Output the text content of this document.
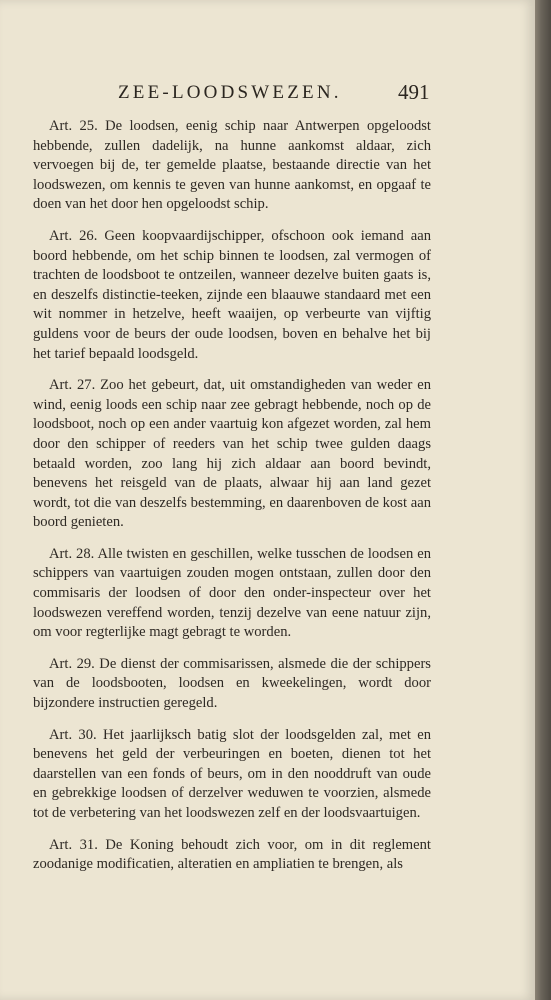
ZEE-LOODSWEZEN.	491

Art. 25. De loodsen, eenig schip naar Antwerpen opgeloodst hebbende, zullen dadelijk, na hunne aankomst aldaar, zich vervoegen bij de, ter gemelde plaatse, bestaande directie van het loodswezen, om kennis te geven van hunne aankomst, en opgaaf te doen van het door hen opgeloodst schip.

Art. 26. Geen koopvaardijschipper, ofschoon ook iemand aan boord hebbende, om het schip binnen te loodsen, zal vermogen of trachten de loodsboot te ontzeilen, wanneer dezelve buiten gaats is, en deszelfs distinctie-teeken, zijnde een blaauwe standaard met een wit nommer in hetzelve, heeft waaijen, op verbeurte van vijftig guldens voor de beurs der oude loodsen, boven en behalve het bij het tarief bepaald loodsgeld.

Art. 27. Zoo het gebeurt, dat, uit omstandigheden van weder en wind, eenig loods een schip naar zee gebragt hebbende, noch op de loodsboot, noch op een ander vaartuig kon afgezet worden, zal hem door den schipper of reeders van het schip twee gulden daags betaald worden, zoo lang hij zich aldaar aan boord bevindt, benevens het reisgeld van de plaats, alwaar hij aan land gezet wordt, tot die van deszelfs bestemming, en daarenboven de kost aan boord genieten.

Art. 28. Alle twisten en geschillen, welke tusschen de loodsen en schippers van vaartuigen zouden mogen ontstaan, zullen door den commisaris der loodsen of door den onder-inspecteur over het loodswezen vereffend worden, tenzij dezelve van eene natuur zijn, om voor regterlijke magt gebragt te worden.

Art. 29. De dienst der commisarissen, alsmede die der schippers van de loodsbooten, loodsen en kweekelingen, wordt door bijzondere instructien geregeld.

Art. 30. Het jaarlijksch batig slot der loodsgelden zal, met en benevens het geld der verbeuringen en boeten, dienen tot het daarstellen van een fonds of beurs, om in den nooddruft van oude en gebrekkige loodsen of derzelver weduwen te voorzien, alsmede tot de verbetering van het loodswezen zelf en der loodsvaartuigen.

Art. 31. De Koning behoudt zich voor, om in dit reglement zoodanige modificatien, alteratien en ampliatien te brengen, als
